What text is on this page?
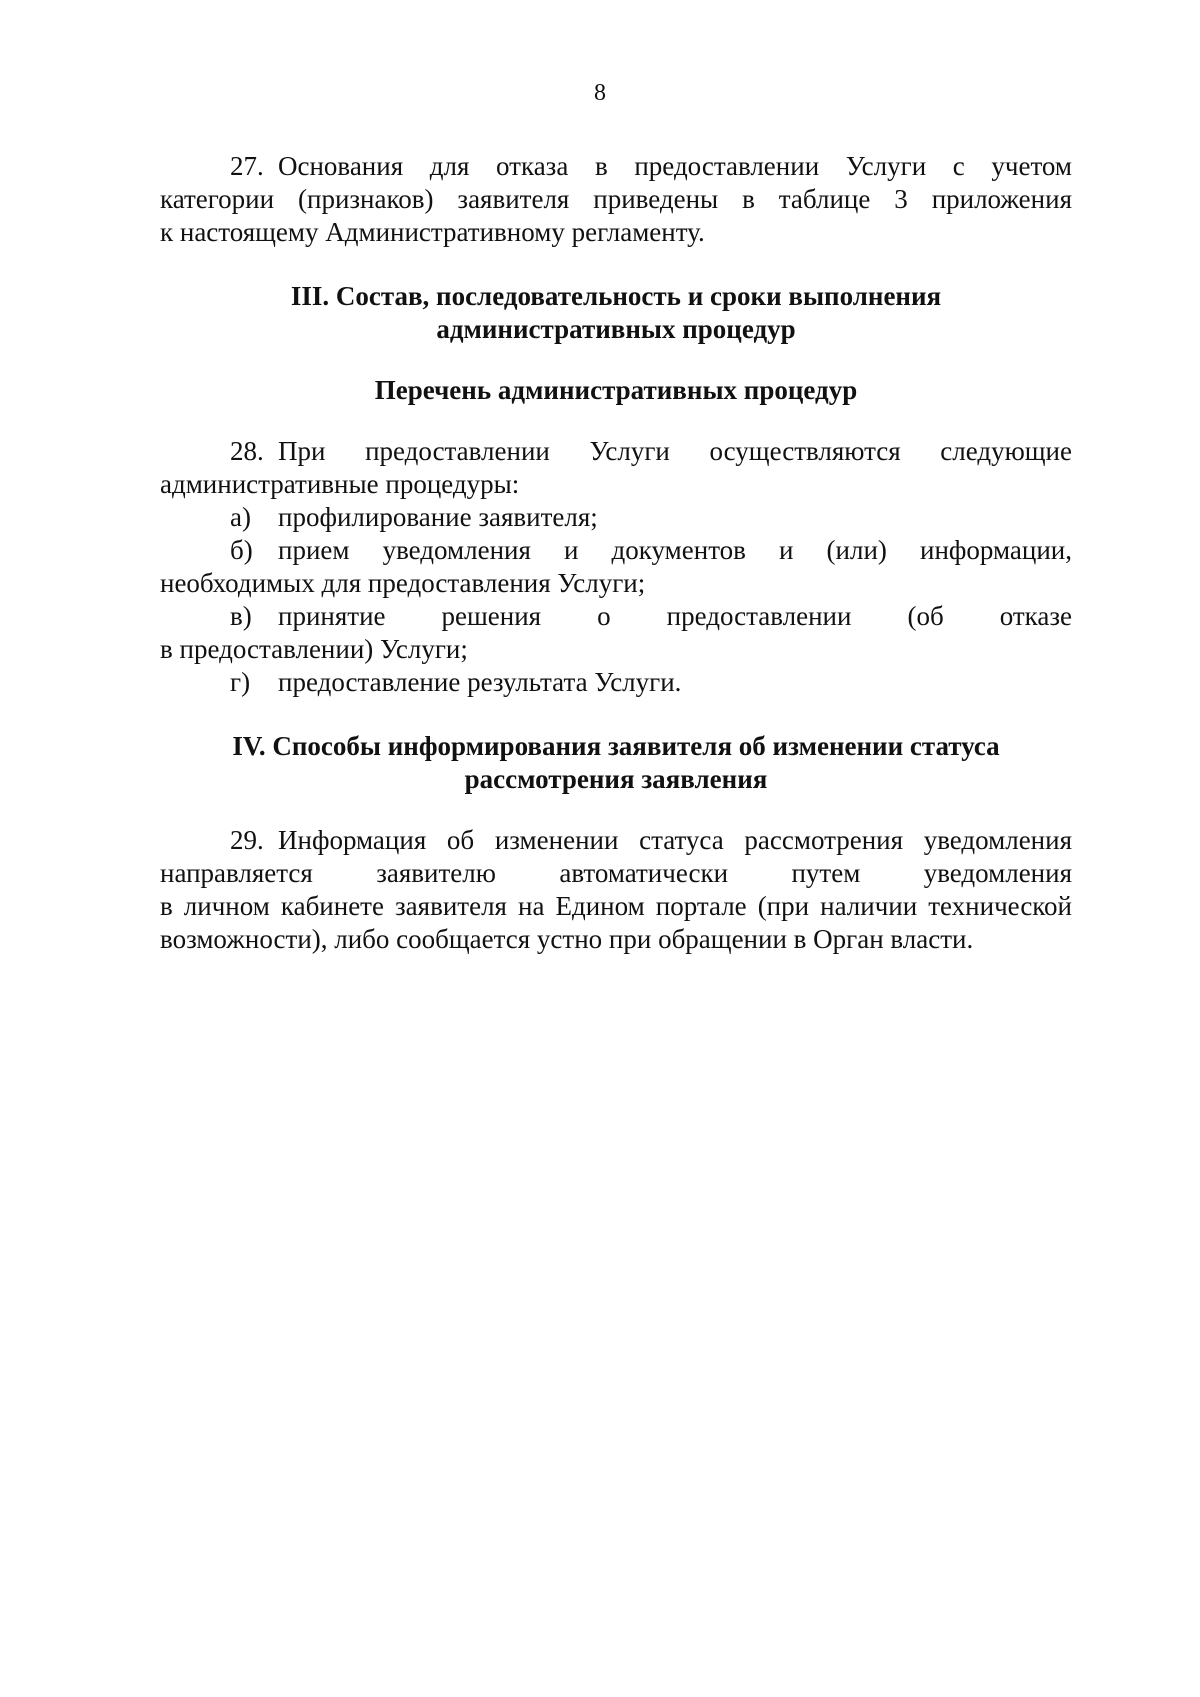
8

27. Основания для отказа в предоставлении Услуги с учетом

категории (признаков) заявителя приведены в таблице 3 приложения

к настоящему Административному регламенту.

III. Состав, последовательность и сроки выполнения

административных процедур

Перечень административных процедур

28. При предоставлении Услуги осуществляются следующие

административные процедуры:

а) профилирование заявителя;

б) прием уведомления и документов и (или) информации,

необходимых для предоставления Услуги;

в) принятие решения о предоставлении (об отказе

в предоставлении) Услуги;

г) предоставление результата Услуги.

IV. Способы информирования заявителя об изменении статуса

рассмотрения заявления

29. Информация об изменении статуса рассмотрения уведомления

направляется заявителю автоматически путем уведомления

в личном кабинете заявителя на Едином портале (при наличии технической

возможности), либо сообщается устно при обращении в Орган власти.
